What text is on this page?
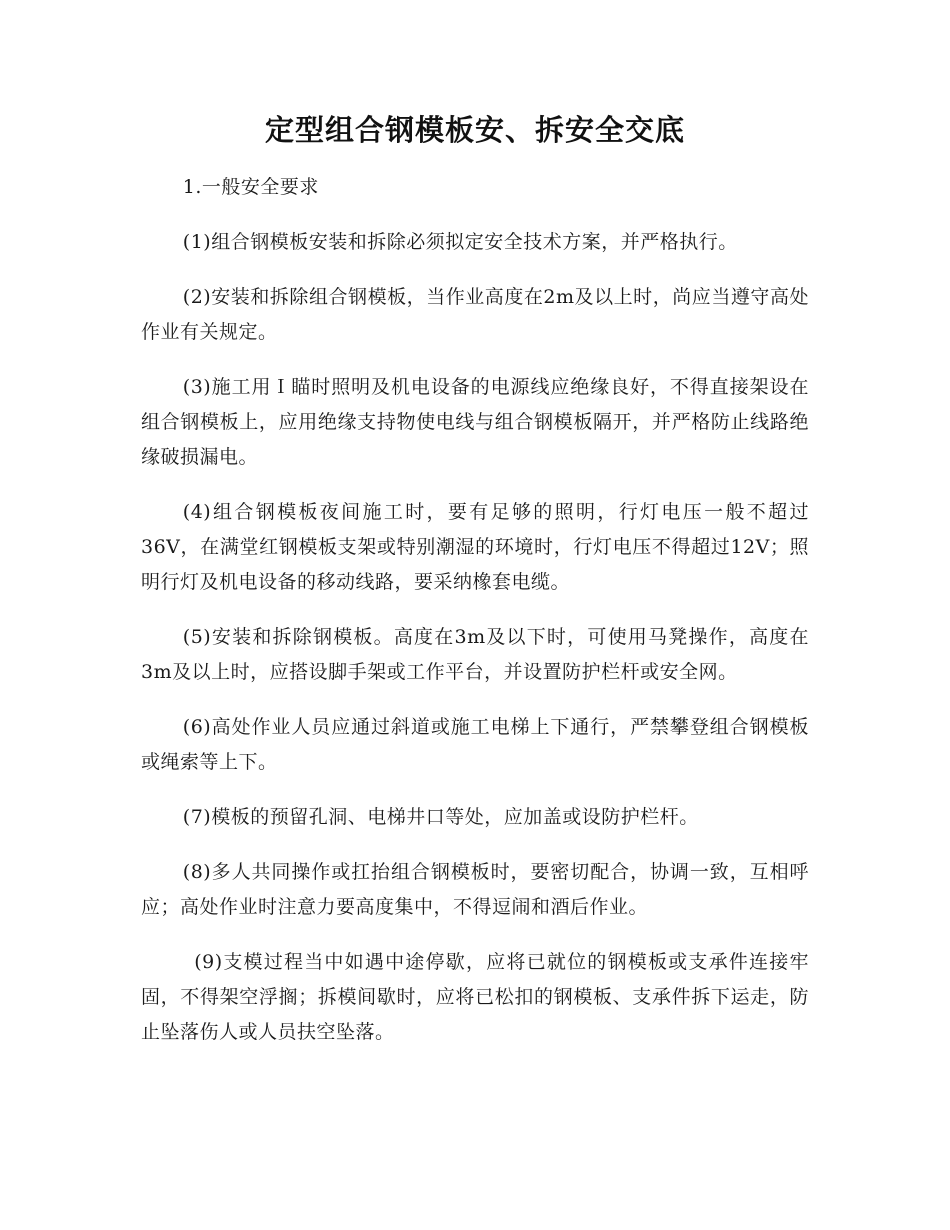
定型组合钢模板安、拆安全交底

1.一般安全要求

(1)组合钢模板安装和拆除必须拟定安全技术方案，并严格执行。

(2)安装和拆除组合钢模板，当作业高度在2m及以上时，尚应当遵守高处作业有关规定。

(3)施工用Ｉ瞄时照明及机电设备的电源线应绝缘良好，不得直接架设在组合钢模板上，应用绝缘支持物使电线与组合钢模板隔开，并严格防止线路绝缘破损漏电。

(4)组合钢模板夜间施工时，要有足够的照明，行灯电压一般不超过36V，在满堂红钢模板支架或特别潮湿的环境时，行灯电压不得超过12V；照明行灯及机电设备的移动线路，要采纳橡套电缆。

(5)安装和拆除钢模板。高度在3m及以下时，可使用马凳操作，高度在3m及以上时，应搭设脚手架或工作平台，并设置防护栏杆或安全网。

(6)高处作业人员应通过斜道或施工电梯上下通行，严禁攀登组合钢模板或绳索等上下。

(7)模板的预留孔洞、电梯井口等处，应加盖或设防护栏杆。

(8)多人共同操作或扛抬组合钢模板时，要密切配合，协调一致，互相呼应；高处作业时注意力要高度集中，不得逗闹和酒后作业。

(9)支模过程当中如遇中途停歇，应将已就位的钢模板或支承件连接牢固，不得架空浮搁；拆模间歇时，应将已松扣的钢模板、支承件拆下运走，防止坠落伤人或人员扶空坠落。
